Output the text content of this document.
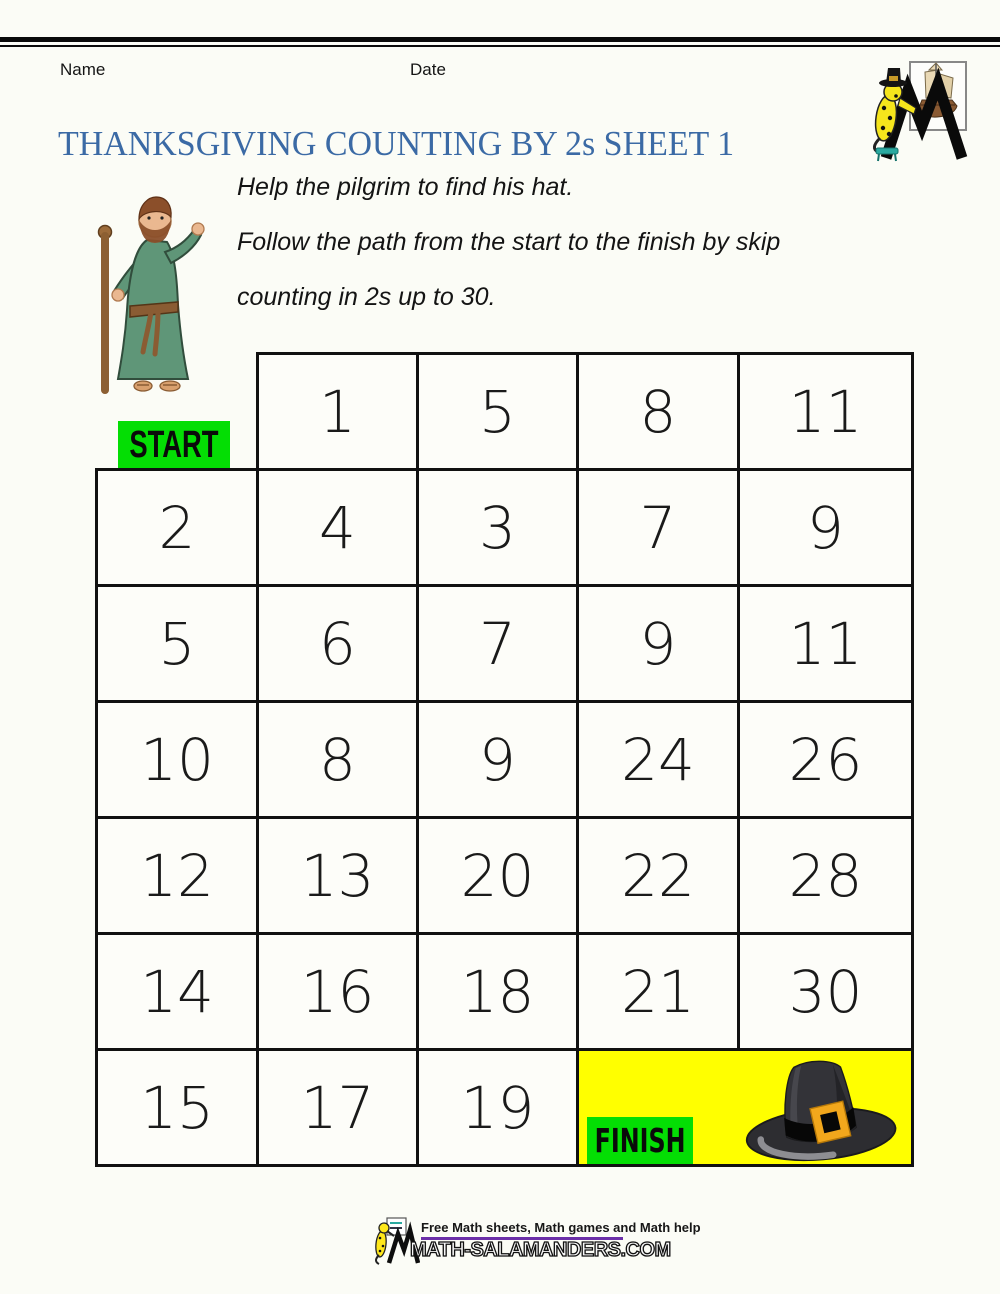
Name	Date
THANKSGIVING COUNTING BY 2s SHEET 1
Help the pilgrim to find his hat.
Follow the path from the start to the finish by skip
counting in 2s up to 30.
START
	1	5	8	11
2	4	3	7	9
5	6	7	9	11
10	8	9	24	26
12	13	20	22	28
14	16	18	21	30
15	17	19	FINISH	
Free Math sheets, Math games and Math help
MATH-SALAMANDERS.COM
